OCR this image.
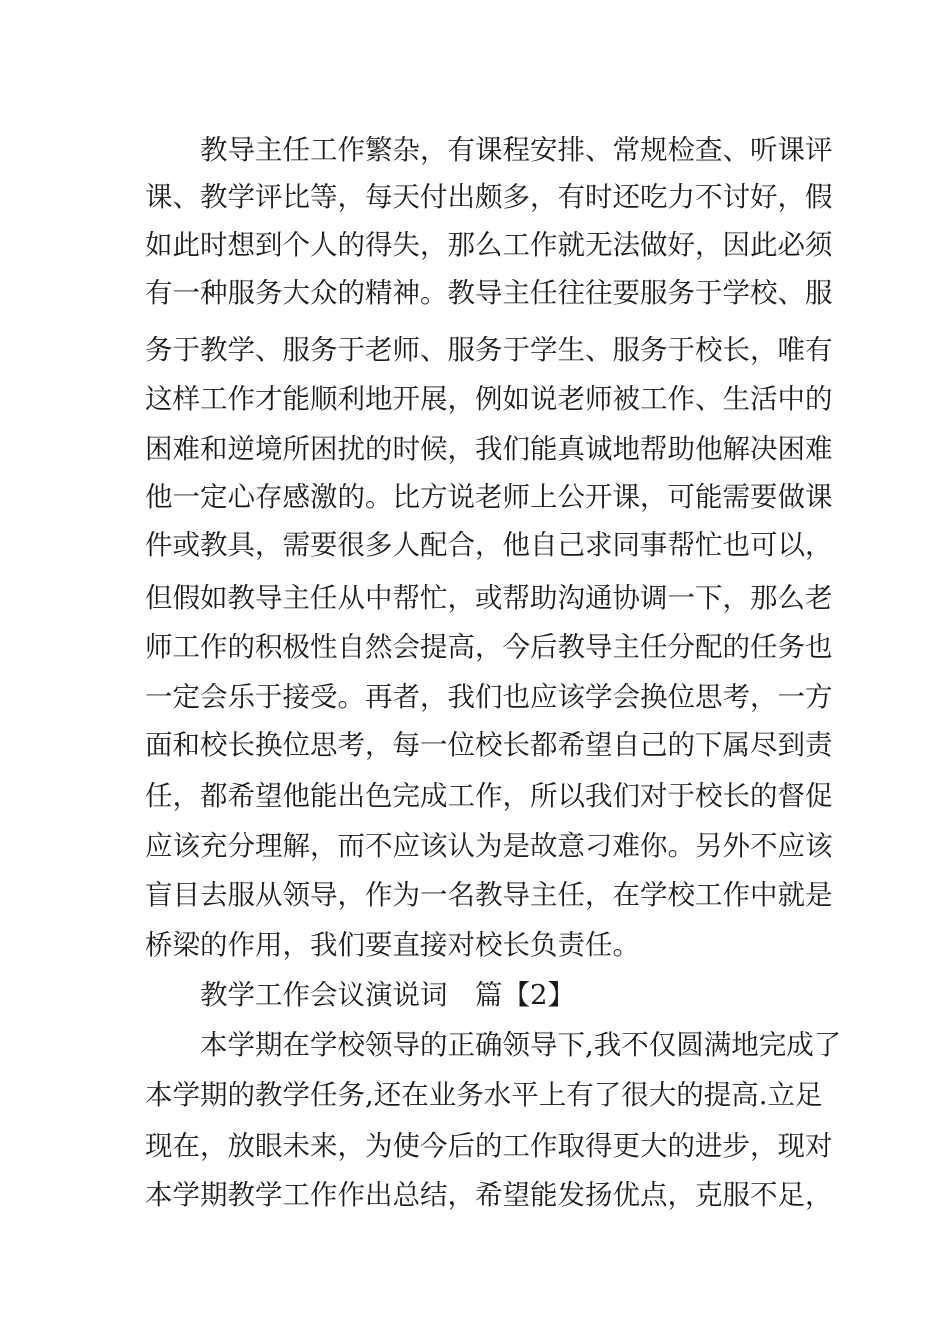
教导主任工作繁杂，有课程安排、常规检查、听课评
课、教学评比等，每天付出颇多，有时还吃力不讨好，假
如此时想到个人的得失，那么工作就无法做好，因此必须
有一种服务大众的精神。教导主任往往要服务于学校、服
务于教学、服务于老师、服务于学生、服务于校长，唯有
这样工作才能顺利地开展，例如说老师被工作、生活中的
困难和逆境所困扰的时候，我们能真诚地帮助他解决困难
他一定心存感激的。比方说老师上公开课，可能需要做课
件或教具，需要很多人配合，他自己求同事帮忙也可以，
但假如教导主任从中帮忙，或帮助沟通协调一下，那么老
师工作的积极性自然会提高，今后教导主任分配的任务也
一定会乐于接受。再者，我们也应该学会换位思考，一方
面和校长换位思考，每一位校长都希望自己的下属尽到责
任，都希望他能出色完成工作，所以我们对于校长的督促
应该充分理解，而不应该认为是故意刁难你。另外不应该
盲目去服从领导，作为一名教导主任，在学校工作中就是
桥梁的作用，我们要直接对校长负责任。
教学工作会议演说词　篇【2】
本学期在学校领导的正确领导下,我不仅圆满地完成了
本学期的教学任务,还在业务水平上有了很大的提高.立足
现在，放眼未来，为使今后的工作取得更大的进步，现对
本学期教学工作作出总结，希望能发扬优点，克服不足，
